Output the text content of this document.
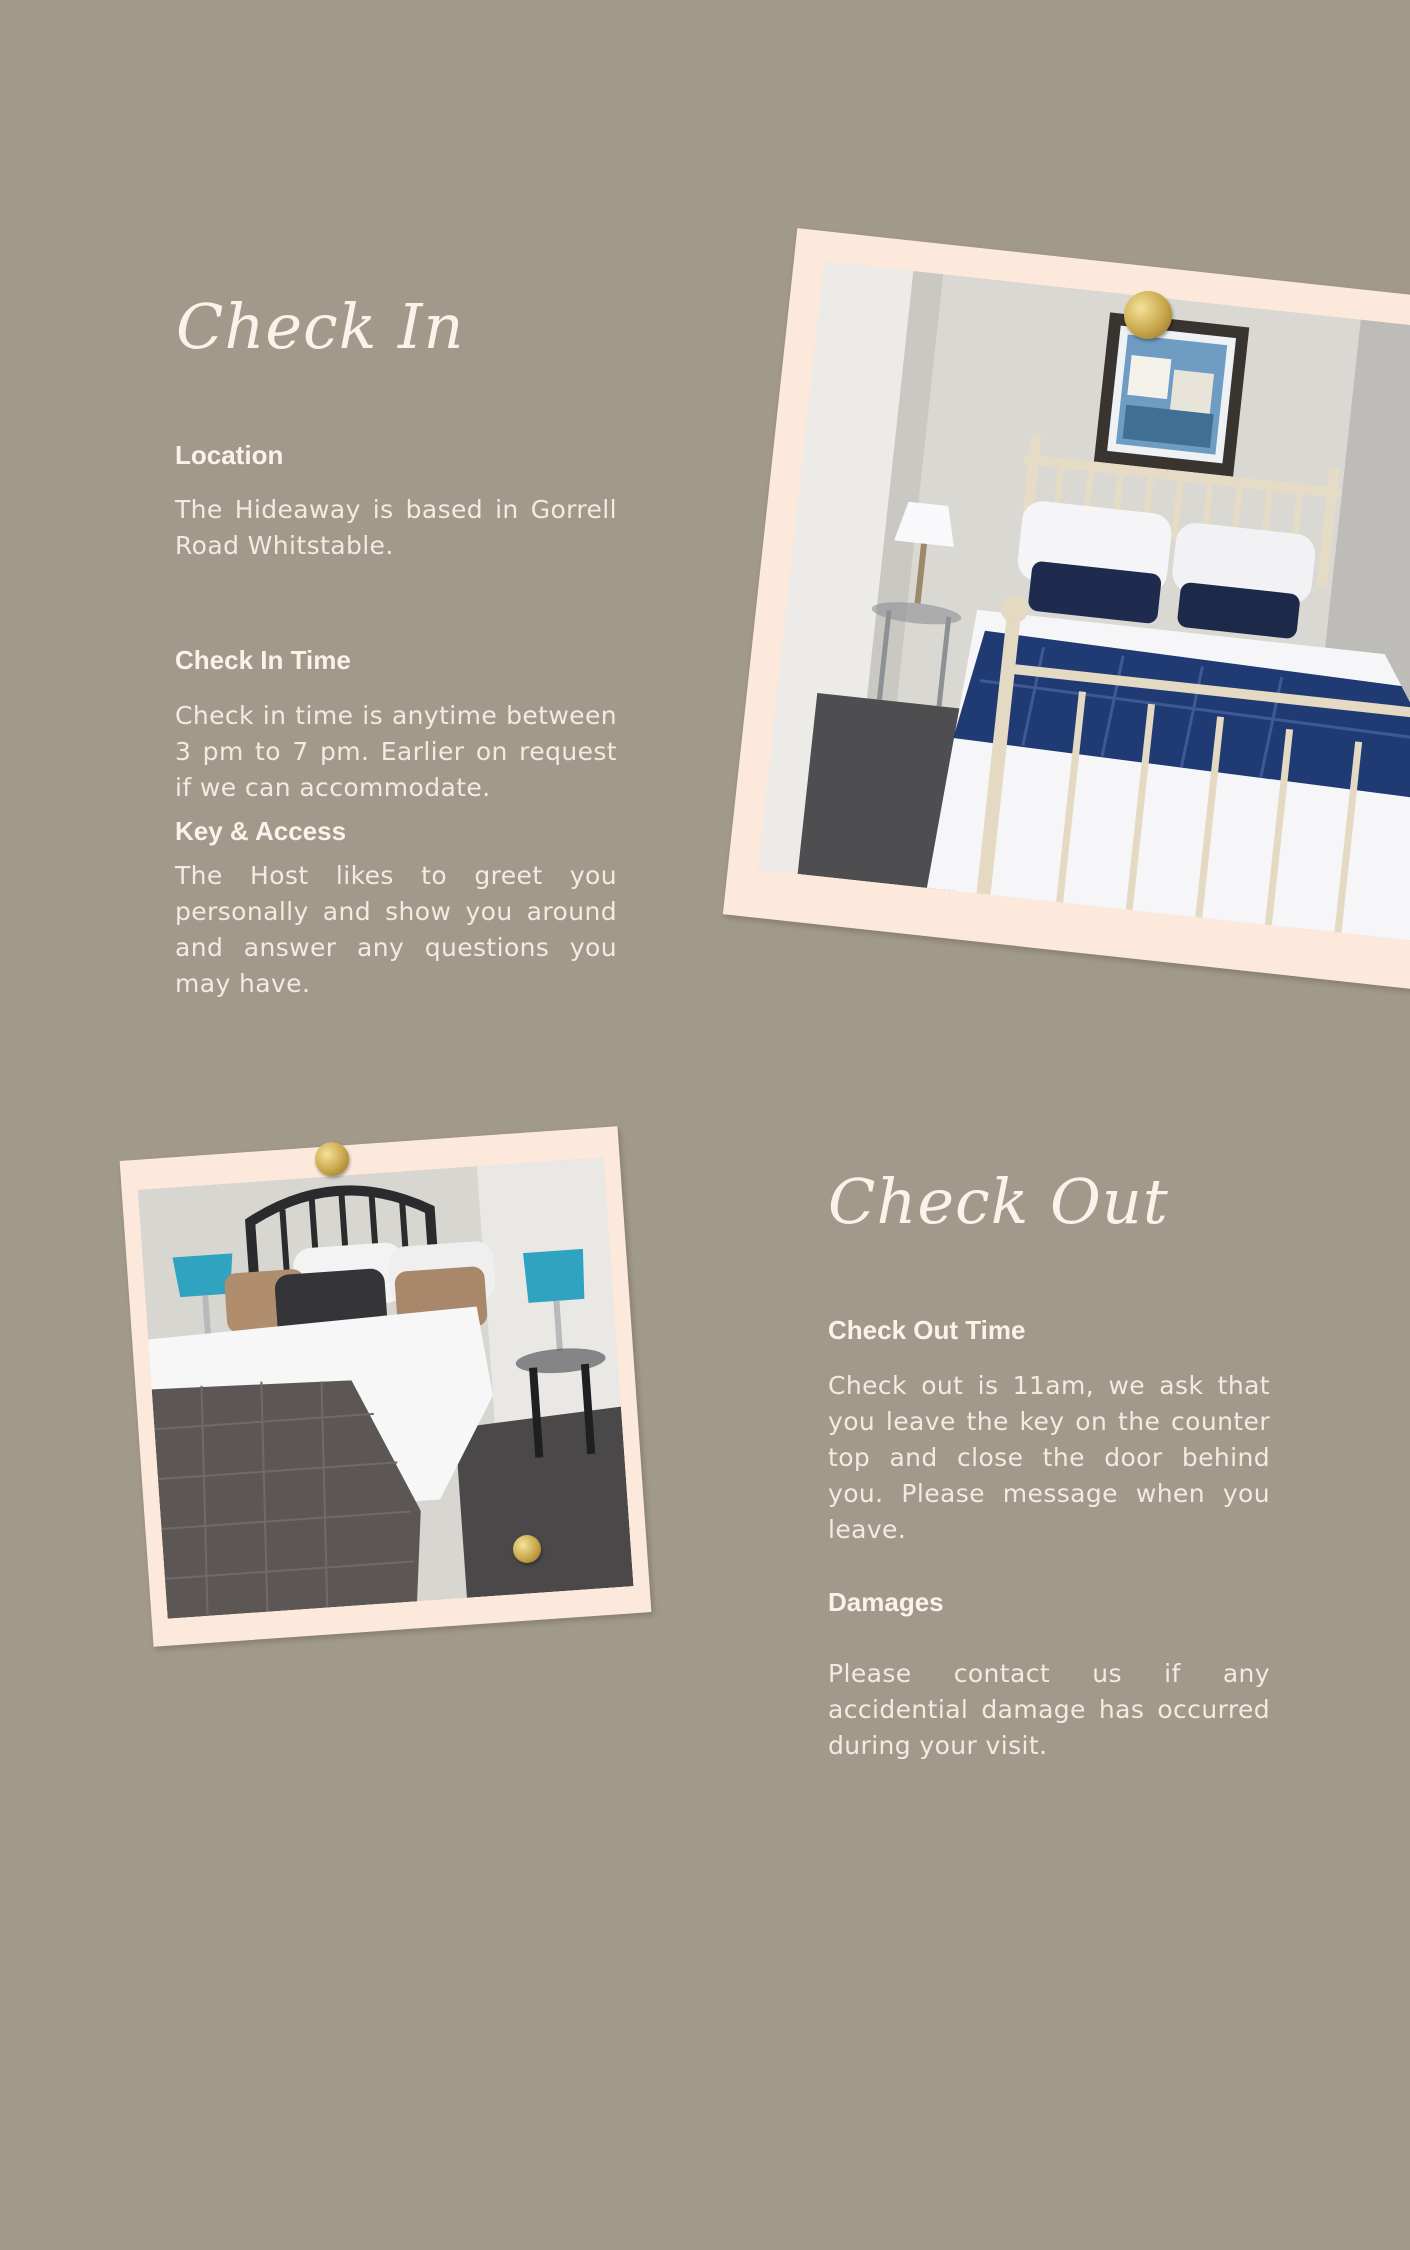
Check In
Location
The Hideaway is based in Gorrell Road Whitstable.
Check In Time
Check in time is anytime between 3 pm to 7 pm. Earlier on request if we can accommodate.
Key & Access
The Host likes to greet you personally and show you around and answer any questions you may have.
Check Out
Check Out Time
Check out is 11am, we ask that you leave the key on the counter top and close the door behind you. Please message when you leave.
Damages
Please contact us if any accidential damage has occurred during your visit.
